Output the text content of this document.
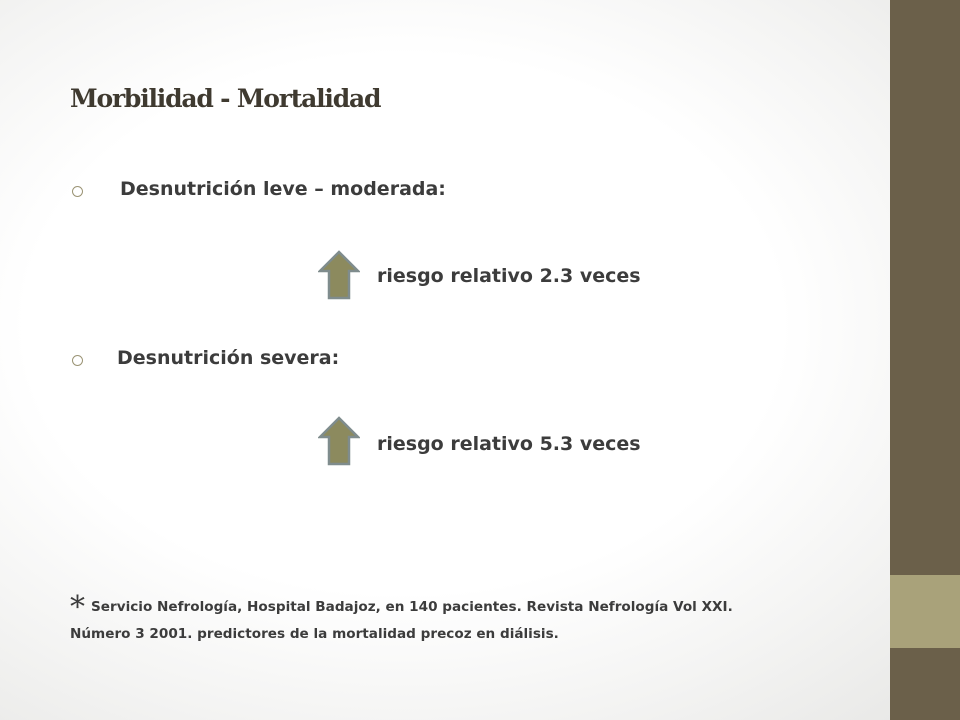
Morbilidad - Mortalidad
Desnutrición leve – moderada:
riesgo relativo 2.3 veces
Desnutrición severa:
riesgo relativo 5.3 veces
* Servicio Nefrología, Hospital Badajoz, en 140 pacientes. Revista Nefrología Vol XXI.
Número 3 2001. predictores de la mortalidad precoz en diálisis.
